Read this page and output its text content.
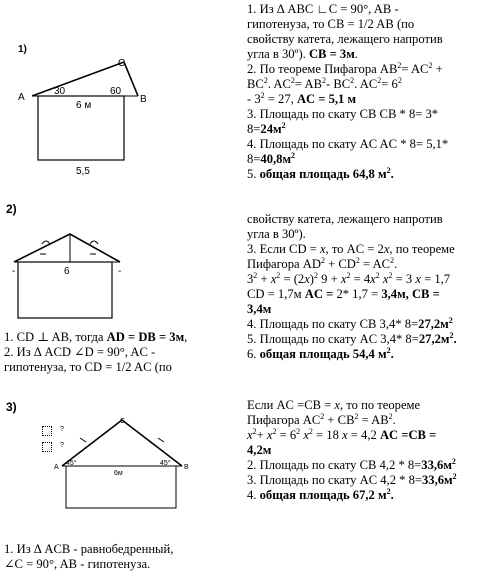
1)
C
A	B
30	60
6 м
5,5
1. Из Δ ABC ∟C = 90°, AB -
гипотенуза, то CB = 1/2 AB (по
свойству катета, лежащего напротив
угла в 30º). CB = 3м.
2. По теореме Пифагора $AB^2= AC^2$ +
$BC^2$. $AC^2= AB^2-$ $BC^2$. $AC^2= 6^2$
- $3^2 = 27$, AC = 5,1 м
3. Площадь по скату CB CB * 8= 3*
$8=24м^2$
4. Площадь по скату AC AC * 8= 5,1*
$8=40,8м^2$
5. общая площадь 64,8 $м^2$.
2)
6
-	-
1. CD ⊥ AB, тогда AD = DB = 3м,
2. Из Δ ACD ∠D = 90°, AC -
гипотенуза, то CD = 1/2 AC (по
свойству катета, лежащего напротив
угла в 30º).
3. Если CD = x, то AC = 2x, по теореме
Пифагора $AD^2 + CD^2 = AC^2$.
$3^2 + x^2 = (2x)^2$ $9 + x^2 = 4x^2$ $x^2 = 3$ x = 1,7
CD = 1,7м AC = 2* 1,7 = 3,4м, CB =
3,4м
4. Площадь по скату CB 3,4* $8=27,2м^2$
5. Площадь по скату AC 3,4* $8=27,2м^2$.
6. общая площадь 54,4 $м^2$.
3)
C
A	B
45°	45°
6м
?
?
1. Из Δ ACB - равнобедренный,
∠C = 90°, AB - гипотенуза.
Если AC =CB = x, то по теореме
Пифагора $AC^2 + CB^2 = AB^2$.
$x^2+ x^2 = 6^2$ $x^2 = 18$ x = 4,2 AC =CB =
4,2м
2. Площадь по скату CB $4,2 * 8=33,6м^2$
3. Площадь по скату AC $4,2 * 8=33,6м^2$
4. общая площадь 67,2 $м^2$.
